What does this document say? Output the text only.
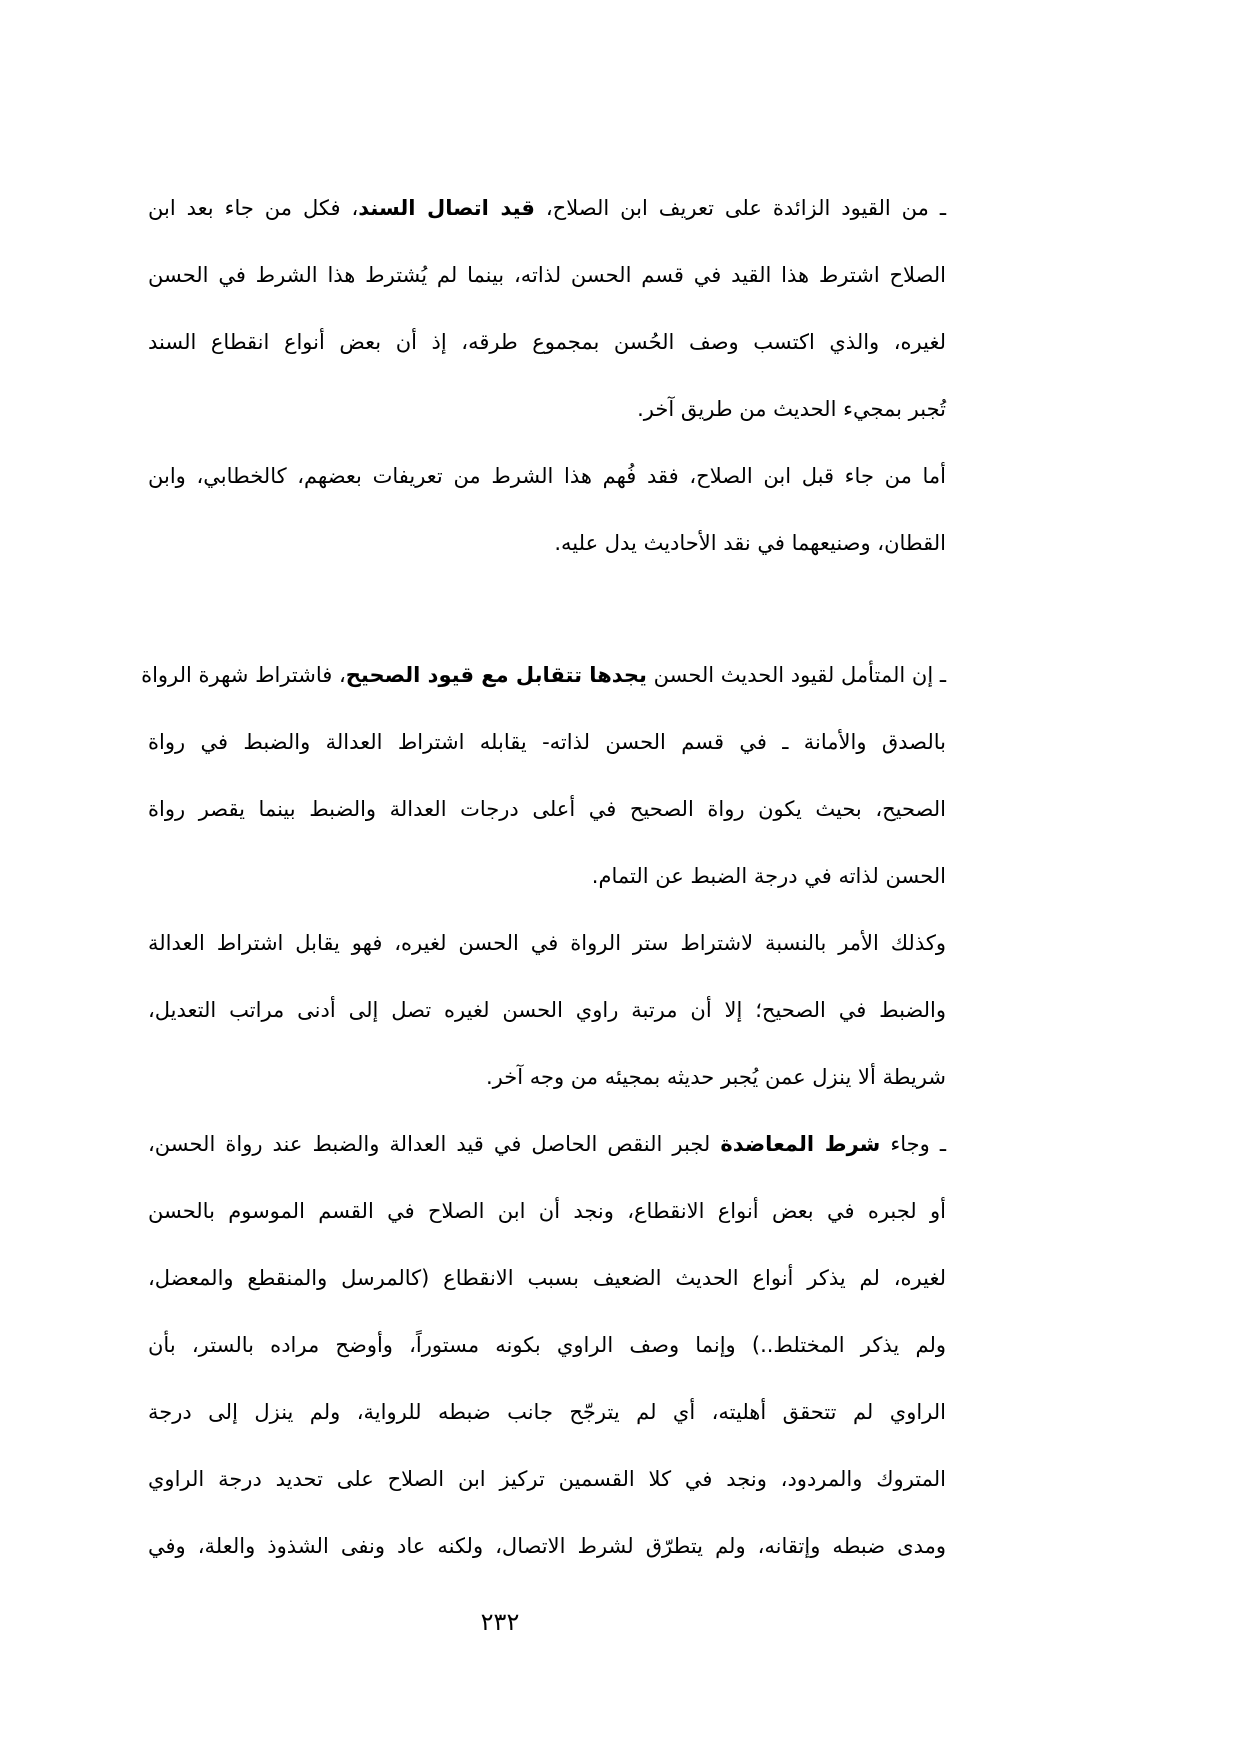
ـ من القيود الزائدة على تعريف ابن الصلاح، قيد اتصال السند، فكل من جاء بعد ابن
الصلاح اشترط هذا القيد في قسم الحسن لذاته، بينما لم يُشترط هذا الشرط في الحسن
لغيره، والذي اكتسب وصف الحُسن بمجموع طرقه، إذ أن بعض أنواع انقطاع السند
تُجبر بمجيء الحديث من طريق آخر.

أما من جاء قبل ابن الصلاح، فقد فُهم هذا الشرط من تعريفات بعضهم، كالخطابي، وابن
القطان، وصنيعهما في نقد الأحاديث يدل عليه.

ـ إن المتأمل لقيود الحديث الحسن يجدها تتقابل مع قيود الصحيح، فاشتراط شهرة الرواة
بالصدق والأمانة ـ في قسم الحسن لذاته- يقابله اشتراط العدالة والضبط في رواة
الصحيح، بحيث يكون رواة الصحيح في أعلى درجات العدالة والضبط بينما يقصر رواة
الحسن لذاته في درجة الضبط عن التمام.

وكذلك الأمر بالنسبة لاشتراط ستر الرواة في الحسن لغيره، فهو يقابل اشتراط العدالة
والضبط في الصحيح؛ إلا أن مرتبة راوي الحسن لغيره تصل إلى أدنى مراتب التعديل،
شريطة ألا ينزل عمن يُجبر حديثه بمجيئه من وجه آخر.

ـ وجاء شرط المعاضدة لجبر النقص الحاصل في قيد العدالة والضبط عند رواة الحسن،
أو لجبره في بعض أنواع الانقطاع، ونجد أن ابن الصلاح في القسم الموسوم بالحسن
لغيره، لم يذكر أنواع الحديث الضعيف بسبب الانقطاع (كالمرسل والمنقطع والمعضل،
ولم يذكر المختلط..) وإنما وصف الراوي بكونه مستوراً، وأوضح مراده بالستر، بأن
الراوي لم تتحقق أهليته، أي لم يترجّح جانب ضبطه للرواية، ولم ينزل إلى درجة
المتروك والمردود، ونجد في كلا القسمين تركيز ابن الصلاح على تحديد درجة الراوي
ومدى ضبطه وإتقانه، ولم يتطرّق لشرط الاتصال، ولكنه عاد ونفى الشذوذ والعلة، وفي

٢٣٢
